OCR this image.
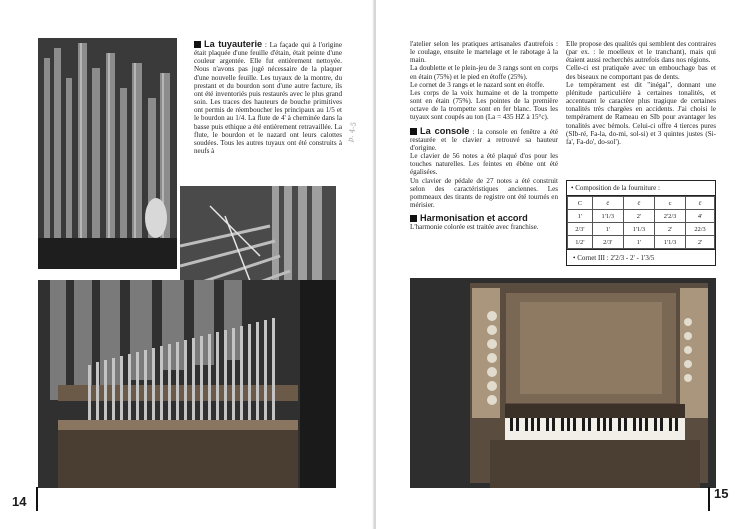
La tuyauterie : La façade qui à l'origine était plaquée d'une feuille d'étain, était peinte d'une couleur argentée. Elle fut entièrement nettoyée. Nous n'avons pas jugé nécessaire de la plaquer d'une nouvelle feuille. Les tuyaux de la montre, du prestant et du bourdon sont d'une autre facture, ils ont été inventoriés puis restaurés avec le plus grand soin. Les traces des hauteurs de bouche primitives ont permis de réemboucher les principaux au 1/5 et le bourdon au 1/4. La flute de 4' à cheminée dans la basse puis ethique a été entièrement retravaillée. La flute, le bourdon et le nazard ont leurs calottes soudées. Tous les autres tuyaux ont été construits à neufs à

p. 4-5
14

l'atelier selon les pratiques artisanales d'autrefois : le coulage, ensuite le martelage et le rabotage à la main.

La doublette et le plein-jeu de 3 rangs sont en corps en étain (75%) et le pied en étoffe (25%).

Le cornet de 3 rangs et le nazard sont en étoffe.

Les corps de la voix humaine et de la trompette sont en étain (75%). Les pointes de la première octave de la trompette sont en fer blanc. Tous les tuyaux sont coupés au ton (La = 435 HZ à 15°c).

La console : la console en fenêtre a été restaurée et le clavier a retrouvé sa hauteur d'origine.

Le clavier de 56 notes a été plaqué d'os pour les touches naturelles. Les feintes en ébène ont été égalisées.

Un clavier de pédale de 27 notes a été construit selon des caractéristiques anciennes. Les pommeaux des tirants de registre ont été tournés en mérisier.

Harmonisation et accord

L'harmonie colorée est traitée avec franchise.

Elle propose des qualités qui semblent des contraires (par ex. : le moelleux et le tranchant), mais qui étaient aussi recherchés autrefois dans nos régions.

Celle-ci est pratiquée avec un embouchage bas et des biseaux ne comportant pas de dents.

Le tempérament est dit "inégal", donnant une plénitude particulière à certaines tonalités, et accentuant le caractère plus tragique de certaines tonalités très chargées en accidents. J'ai choisi le tempérament de Rameau en SIb pour avantager les tonalités avec bémols. Celui-ci offre 4 tierces pures (SIb-ré, Fa-la, do-mi, sol-si) et 3 quintes justes (Si-fa', Fa-do', do-sol').

• Composition de la fourniture :
C	c̄	c̄	c	c̄
1'	1'1/3	2'	2'2/3	4'
2/3'	1'	1'1/3	2'	22/3
1/2'	2/3'	1'	1'1/3	2'
• Cornet III : 2'2/3 - 2' - 1'3/5
15
